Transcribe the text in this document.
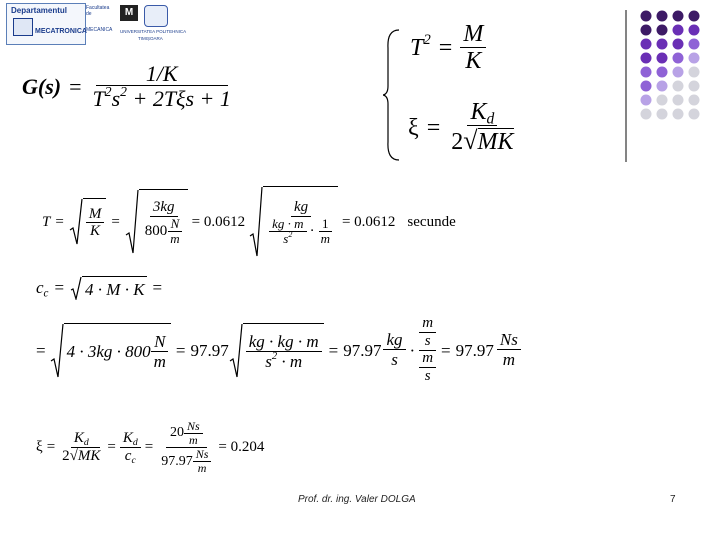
Departamentul
MECATRONICA
Facultatea de
MECANICA
M
UNIVERSITATEA POLITEHNICA
TIMIȘOARA
$G(s) = \frac{1/K}{T^2s^2 + 2T\xi s + 1}$
$T^2 = \frac{M}{K}$
$\xi = \frac{K_d}{2√MK}$
$T = \frac{M}{K} = \frac{3kg}{800 \frac{N}{m}} = 0.0612 \frac{kg}{\frac{kg \cdot m}{s^2} \cdot \frac{1}{m}} = 0.0612$ secunde
$c_c = 4 \cdot M \cdot K$ =
= $4 \cdot 3kg \cdot 800 \frac{N}{m} = 97.97 \frac{kg \cdot kg \cdot m}{s^2 \cdot m} = 97.97 \frac{kg}{s} \cdot \frac{\frac{m}{s}}{\frac{m}{s}} = 97.97 \frac{Ns}{m}$
$\xi = \frac{K_d}{2√MK} = \frac{K_d}{c_c} = \frac{20 \frac{Ns}{m}}{97.97 \frac{Ns}{m}} = 0.204$
Prof. dr. ing. Valer DOLGA	7
